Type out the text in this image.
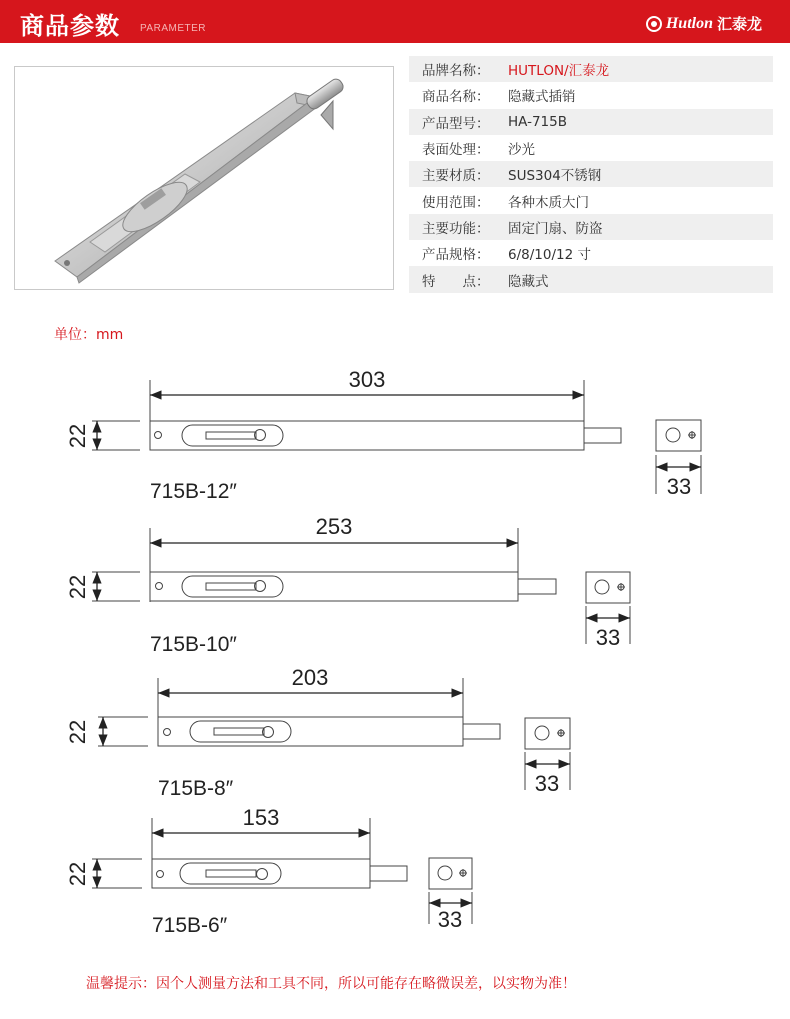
商品参数 PARAMETER	Hutlon 汇泰龙
品牌名称：	HUTLON/汇泰龙
商品名称：	隐藏式插销
产品型号：	HA-715B
表面处理：	沙光
主要材质：	SUS304不锈钢
使用范围：	各种木质大门
主要功能：	固定门扇、防盗
产品规格：	6/8/10/12 寸
特　　点：	隐藏式
单位：mm
303
22
33
715B-12″
253
22
33
715B-10″
203
22
33
715B-8″
153
22
33
715B-6″
温馨提示：因个人测量方法和工具不同，所以可能存在略微误差，以实物为准！
